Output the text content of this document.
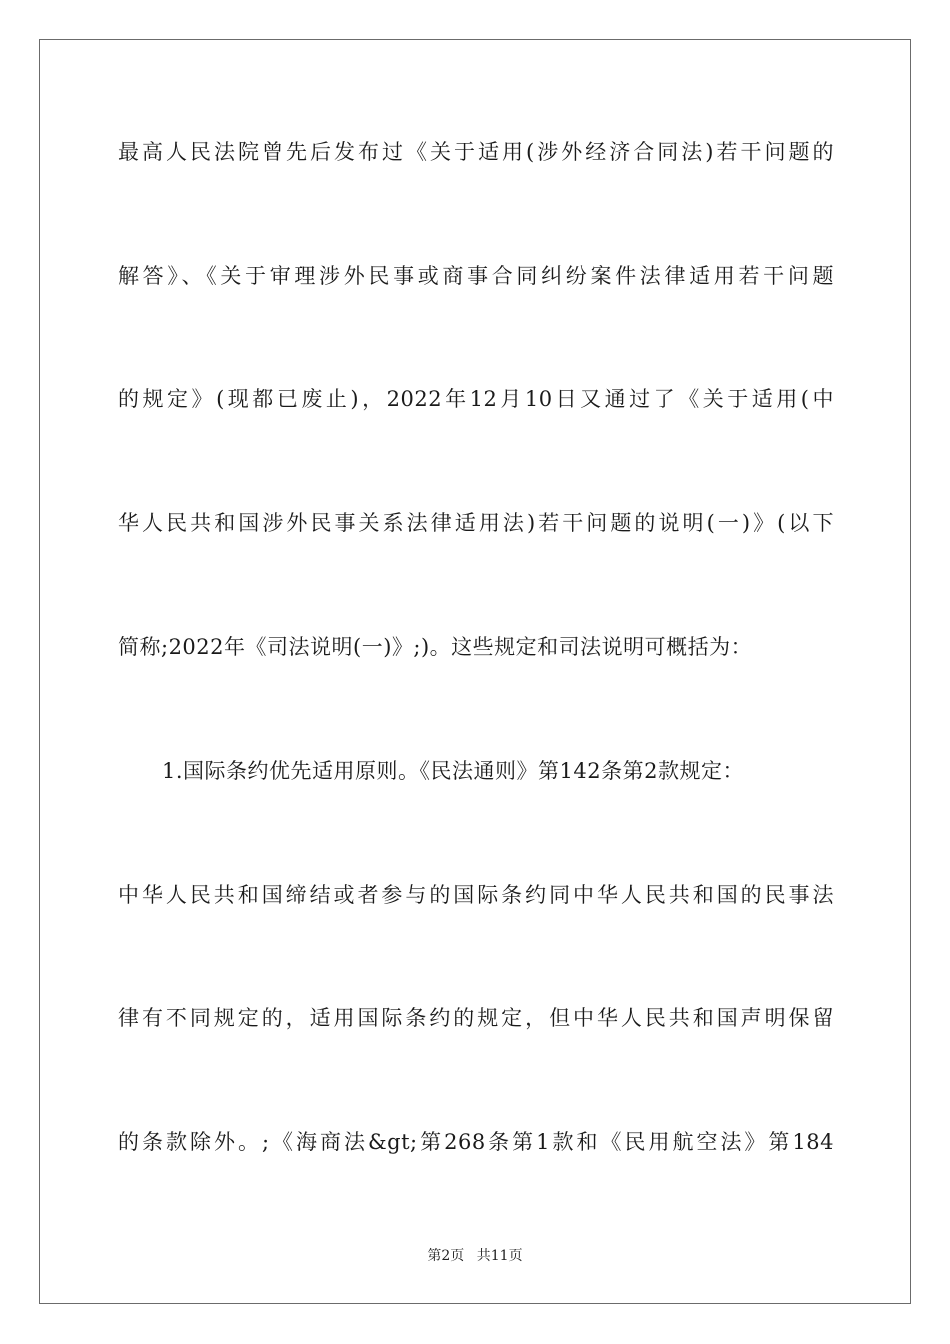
最高人民法院曾先后发布过《关于适用(涉外经济合同法)若干问题的
解答》、《关于审理涉外民事或商事合同纠纷案件法律适用若干问题
的规定》(现都已废止)，2022年12月10日又通过了《关于适用(中
华人民共和国涉外民事关系法律适用法)若干问题的说明(一)》(以下
简称;2022年《司法说明(一)》;)。这些规定和司法说明可概括为：
1.国际条约优先适用原则。《民法通则》第142条第2款规定：
中华人民共和国缔结或者参与的国际条约同中华人民共和国的民事法
律有不同规定的，适用国际条约的规定，但中华人民共和国声明保留
的条款除外。;《海商法&gt;第268条第1款和《民用航空法》第184
第2页 共11页
